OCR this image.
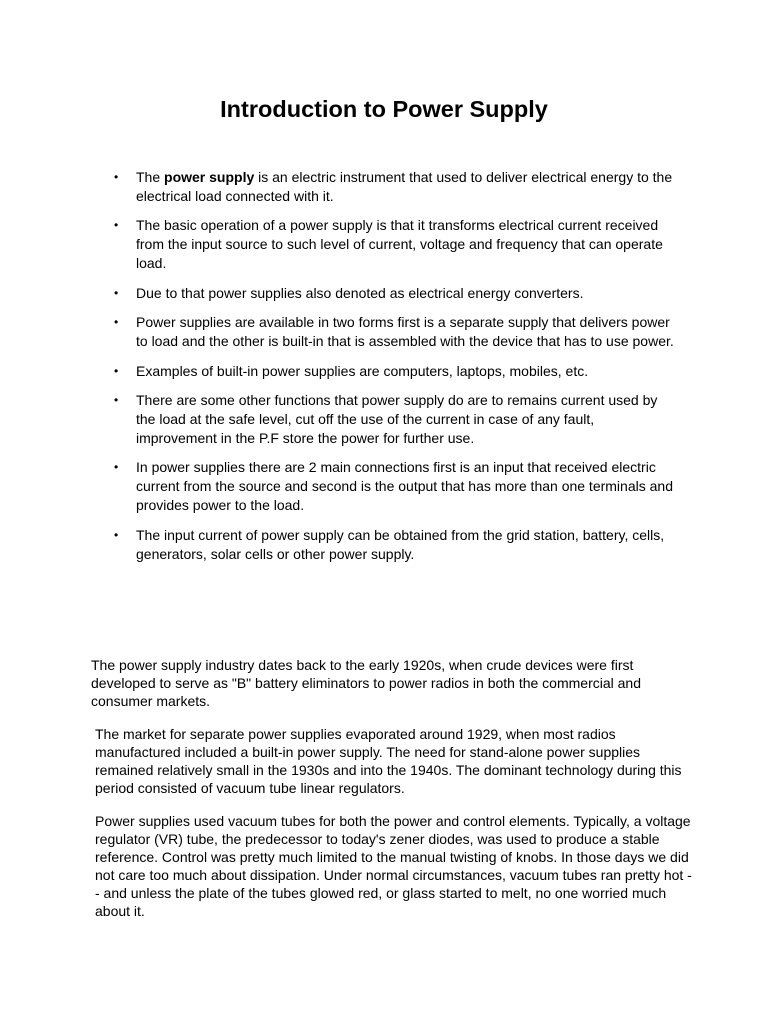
Introduction to Power Supply
• The power supply is an electric instrument that used to deliver electrical energy to the electrical load connected with it.
• The basic operation of a power supply is that it transforms electrical current received from the input source to such level of current, voltage and frequency that can operate load.
• Due to that power supplies also denoted as electrical energy converters.
• Power supplies are available in two forms first is a separate supply that delivers power to load and the other is built-in that is assembled with the device that has to use power.
• Examples of built-in power supplies are computers, laptops, mobiles, etc.
• There are some other functions that power supply do are to remains current used by the load at the safe level, cut off the use of the current in case of any fault, improvement in the P.F store the power for further use.
• In power supplies there are 2 main connections first is an input that received electric current from the source and second is the output that has more than one terminals and provides power to the load.
• The input current of power supply can be obtained from the grid station, battery, cells, generators, solar cells or other power supply.

The power supply industry dates back to the early 1920s, when crude devices were first developed to serve as "B" battery eliminators to power radios in both the commercial and consumer markets.

The market for separate power supplies evaporated around 1929, when most radios manufactured included a built-in power supply. The need for stand-alone power supplies remained relatively small in the 1930s and into the 1940s. The dominant technology during this period consisted of vacuum tube linear regulators.

Power supplies used vacuum tubes for both the power and control elements. Typically, a voltage regulator (VR) tube, the predecessor to today's zener diodes, was used to produce a stable reference. Control was pretty much limited to the manual twisting of knobs. In those days we did not care too much about dissipation. Under normal circumstances, vacuum tubes ran pretty hot -- and unless the plate of the tubes glowed red, or glass started to melt, no one worried much about it.
